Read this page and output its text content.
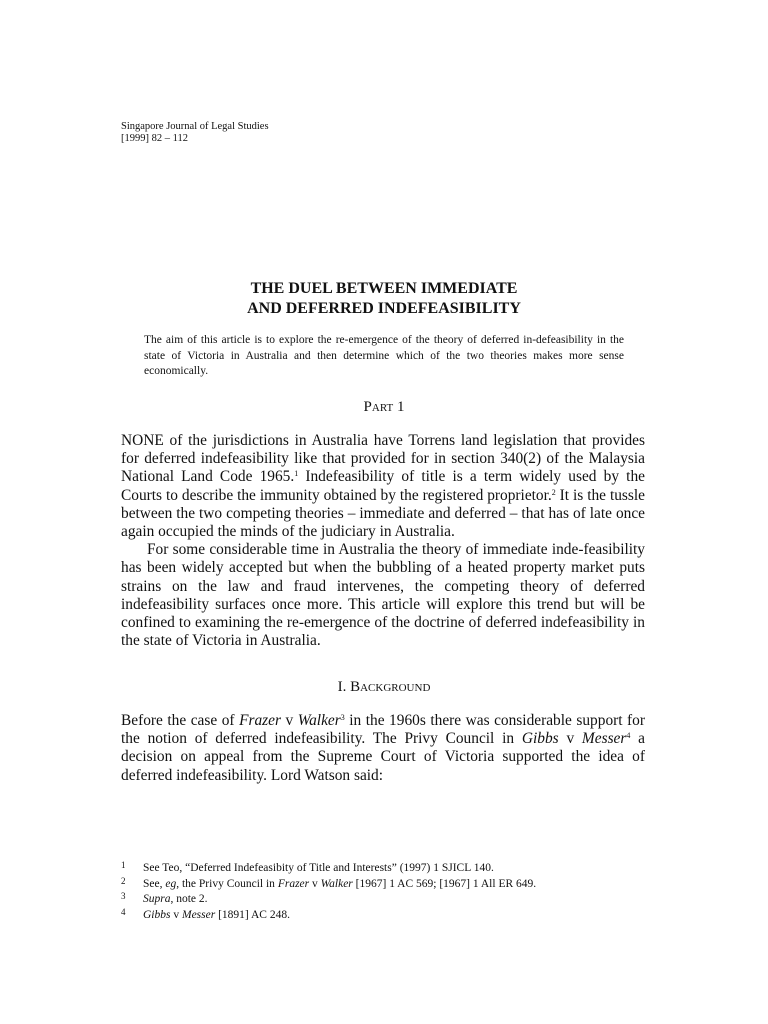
Singapore Journal of Legal Studies
[1999] 82 – 112
THE DUEL BETWEEN IMMEDIATE
AND DEFERRED INDEFEASIBILITY
The aim of this article is to explore the re-emergence of the theory of deferred in-defeasibility in the state of Victoria in Australia and then determine which of the two theories makes more sense economically.
Part 1

NONE of the jurisdictions in Australia have Torrens land legislation that provides for deferred indefeasibility like that provided for in section 340(2) of the Malaysia National Land Code 1965.$^1$ Indefeasibility of title is a term widely used by the Courts to describe the immunity obtained by the registered proprietor.$^2$ It is the tussle between the two competing theories – immediate and deferred – that has of late once again occupied the minds of the judiciary in Australia.

For some considerable time in Australia the theory of immediate inde-feasibility has been widely accepted but when the bubbling of a heated property market puts strains on the law and fraud intervenes, the competing theory of deferred indefeasibility surfaces once more. This article will explore this trend but will be confined to examining the re-emergence of the doctrine of deferred indefeasibility in the state of Victoria in Australia.

I. Background

Before the case of Frazer v Walker$^3$ in the 1960s there was considerable support for the notion of deferred indefeasibility. The Privy Council in Gibbs v Messer$^4$ a decision on appeal from the Supreme Court of Victoria supported the idea of deferred indefeasibility. Lord Watson said:

1 See Teo, “Deferred Indefeasibity of Title and Interests” (1997) 1 SJICL 140.
2 See, eg, the Privy Council in Frazer v Walker [1967] 1 AC 569; [1967] 1 All ER 649.
3 Supra, note 2.
4 Gibbs v Messer [1891] AC 248.
